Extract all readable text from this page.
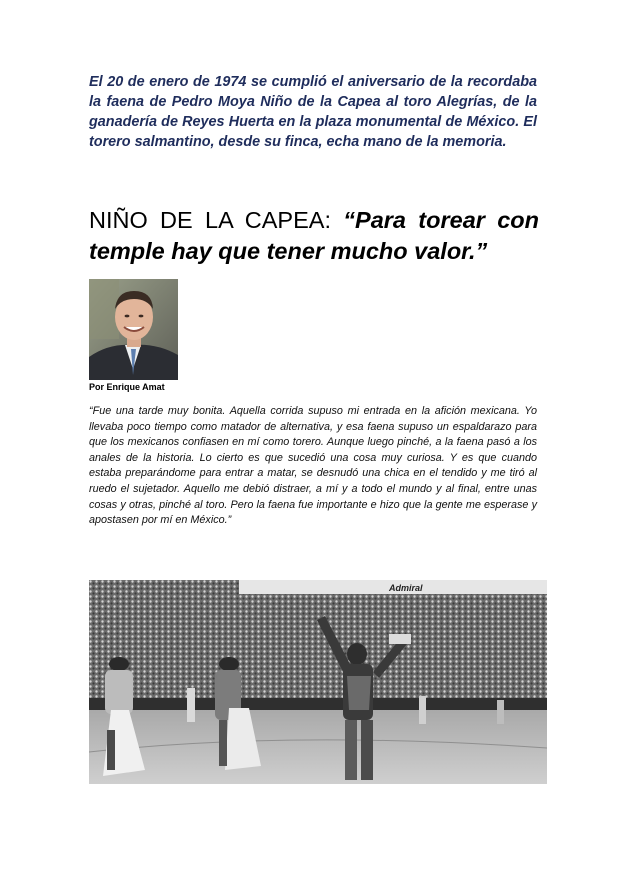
El 20 de enero de 1974 se cumplió el aniversario de la recordaba la faena de Pedro Moya Niño de la Capea al toro Alegrías, de la ganadería de Reyes Huerta en la plaza monumental de México. El torero salmantino, desde su finca, echa mano de la memoria.

NIÑO DE LA CAPEA: “Para torear con temple hay que tener mucho valor.”

Por Enrique Amat

“Fue una tarde muy bonita. Aquella corrida supuso mi entrada en la afición mexicana. Yo llevaba poco tiempo como matador de alternativa, y esa faena supuso un espaldarazo para que los mexicanos confiasen en mí como torero. Aunque luego pinché, a la faena pasó a los anales de la historia. Lo cierto es que sucedió una cosa muy curiosa. Y es que cuando estaba preparándome para entrar a matar, se desnudó una chica en el tendido y me tiró al ruedo el sujetador. Aquello me debió distraer, a mí y a todo el mundo y al final, entre unas cosas y otras, pinché al toro. Pero la faena fue importante e hizo que la gente me esperase y apostasen por mí en México.”

Admiral
